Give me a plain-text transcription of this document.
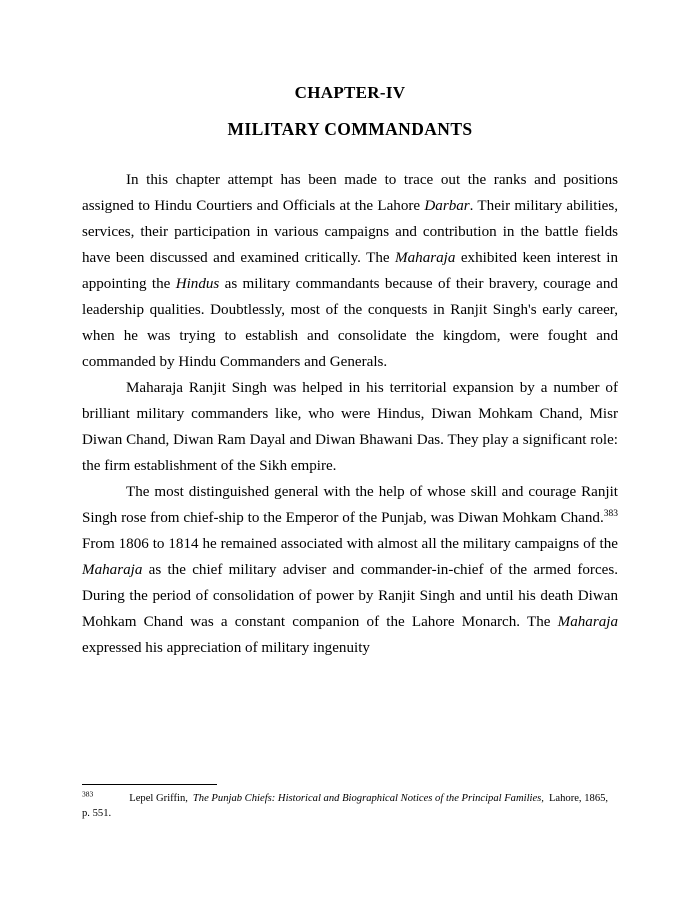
CHAPTER-IV
MILITARY COMMANDANTS

In this chapter attempt has been made to trace out the ranks and positions assigned to Hindu Courtiers and Officials at the Lahore Darbar. Their military abilities, services, their participation in various campaigns and contribution in the battle fields have been discussed and examined critically. The Maharaja exhibited keen interest in appointing the Hindus as military commandants because of their bravery, courage and leadership qualities. Doubtlessly, most of the conquests in Ranjit Singh's early career, when he was trying to establish and consolidate the kingdom, were fought and commanded by Hindu Commanders and Generals.

Maharaja Ranjit Singh was helped in his territorial expansion by a number of brilliant military commanders like, who were Hindus, Diwan Mohkam Chand, Misr Diwan Chand, Diwan Ram Dayal and Diwan Bhawani Das. They play a significant role: the firm establishment of the Sikh empire.

The most distinguished general with the help of whose skill and courage Ranjit Singh rose from chief-ship to the Emperor of the Punjab, was Diwan Mohkam Chand.$^{383}$ From 1806 to 1814 he remained associated with almost all the military campaigns of the Maharaja as the chief military adviser and commander-in-chief of the armed forces. During the period of consolidation of power by Ranjit Singh and until his death Diwan Mohkam Chand was a constant companion of the Lahore Monarch. The Maharaja expressed his appreciation of military ingenuity

$^{383}$	Lepel Griffin, The Punjab Chiefs: Historical and Biographical Notices of the Principal Families, Lahore, 1865, p. 551.
